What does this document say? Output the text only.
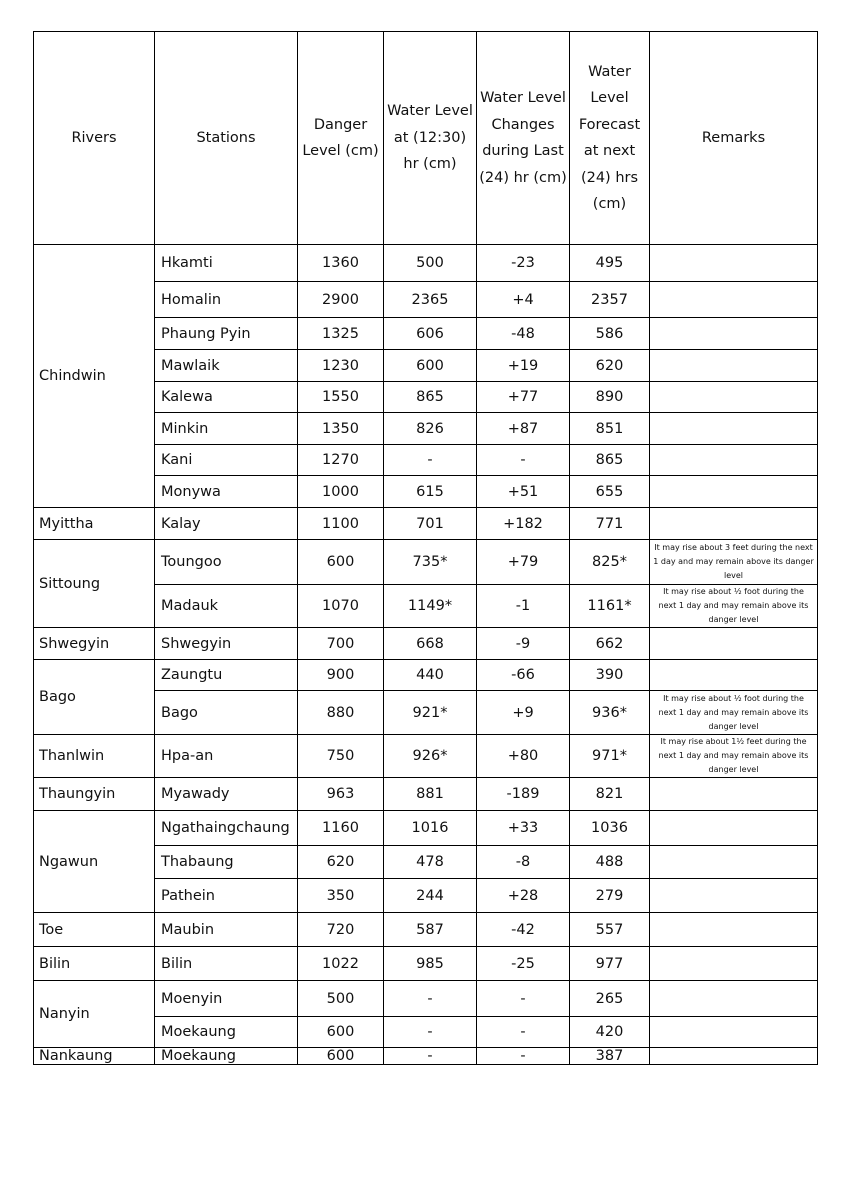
Rivers	Stations	Danger Level (cm)	Water Level at (12:30) hr (cm)	Water Level Changes during Last (24) hr (cm)	Water Level Forecast at next (24) hrs (cm)	Remarks
Chindwin	Hkamti	1360	500	-23	495	
	Homalin	2900	2365	+4	2357	
	Phaung Pyin	1325	606	-48	586	
	Mawlaik	1230	600	+19	620	
	Kalewa	1550	865	+77	890	
	Minkin	1350	826	+87	851	
	Kani	1270	-	-	865	
	Monywa	1000	615	+51	655	
Myittha	Kalay	1100	701	+182	771	
Sittoung	Toungoo	600	735*	+79	825*	It may rise about 3 feet during the next 1 day and may remain above its danger level
	Madauk	1070	1149*	-1	1161*	It may rise about ½ foot during the next 1 day and may remain above its danger level
Shwegyin	Shwegyin	700	668	-9	662	
Bago	Zaungtu	900	440	-66	390	
	Bago	880	921*	+9	936*	It may rise about ½ foot during the next 1 day and may remain above its danger level
Thanlwin	Hpa-an	750	926*	+80	971*	It may rise about 1½ feet during the next 1 day and may remain above its danger level
Thaungyin	Myawady	963	881	-189	821	
Ngawun	Ngathaingchaung	1160	1016	+33	1036	
	Thabaung	620	478	-8	488	
	Pathein	350	244	+28	279	
Toe	Maubin	720	587	-42	557	
Bilin	Bilin	1022	985	-25	977	
Nanyin	Moenyin	500	-	-	265	
	Moekaung	600	-	-	420	
Nankaung	Moekaung	600	-	-	387	
